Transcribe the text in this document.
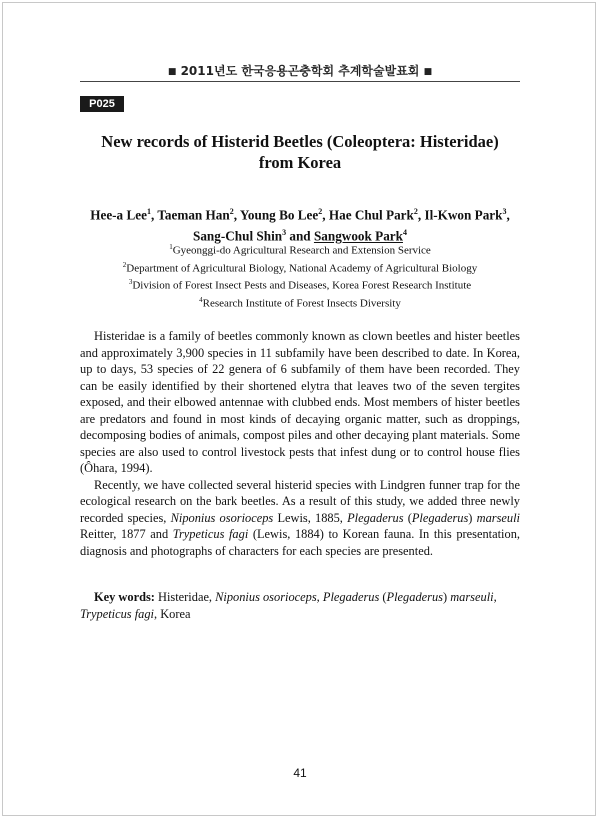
■ 2011년도 한국응용곤충학회 추계학술발표회 ■
P025
New records of Histerid Beetles (Coleoptera: Histeridae)
from Korea
Hee-a Lee$^1$, Taeman Han$^2$, Young Bo Lee$^2$, Hae Chul Park$^2$, Il-Kwon Park$^3$,
Sang-Chul Shin$^3$ and Sangwook Park$^4$
$^1$Gyeonggi-do Agricultural Research and Extension Service
$^2$Department of Agricultural Biology, National Academy of Agricultural Biology
$^3$Division of Forest Insect Pests and Diseases, Korea Forest Research Institute
$^4$Research Institute of Forest Insects Diversity

Histeridae is a family of beetles commonly known as clown beetles and hister beetles and approximately 3,900 species in 11 subfamily have been described to date. In Korea, up to days, 53 species of 22 genera of 6 subfamily of them have been recorded. They can be easily identified by their shortened elytra that leaves two of the seven tergites exposed, and their elbowed antennae with clubbed ends. Most members of hister beetles are predators and found in most kinds of decaying organic matter, such as droppings, decomposing bodies of animals, compost piles and other decaying plant materials. Some species are also used to control livestock pests that infest dung or to control house flies (Ôhara, 1994).

Recently, we have collected several histerid species with Lindgren funner trap for the ecological research on the bark beetles. As a result of this study, we added three newly recorded species, Niponius osorioceps Lewis, 1885, Plegaderus (Plegaderus) marseuli Reitter, 1877 and Trypeticus fagi (Lewis, 1884) to Korean fauna. In this presentation, diagnosis and photographs of characters for each species are presented.

Key words: Histeridae, Niponius osorioceps, Plegaderus (Plegaderus) marseuli, Trypeticus fagi, Korea
41
